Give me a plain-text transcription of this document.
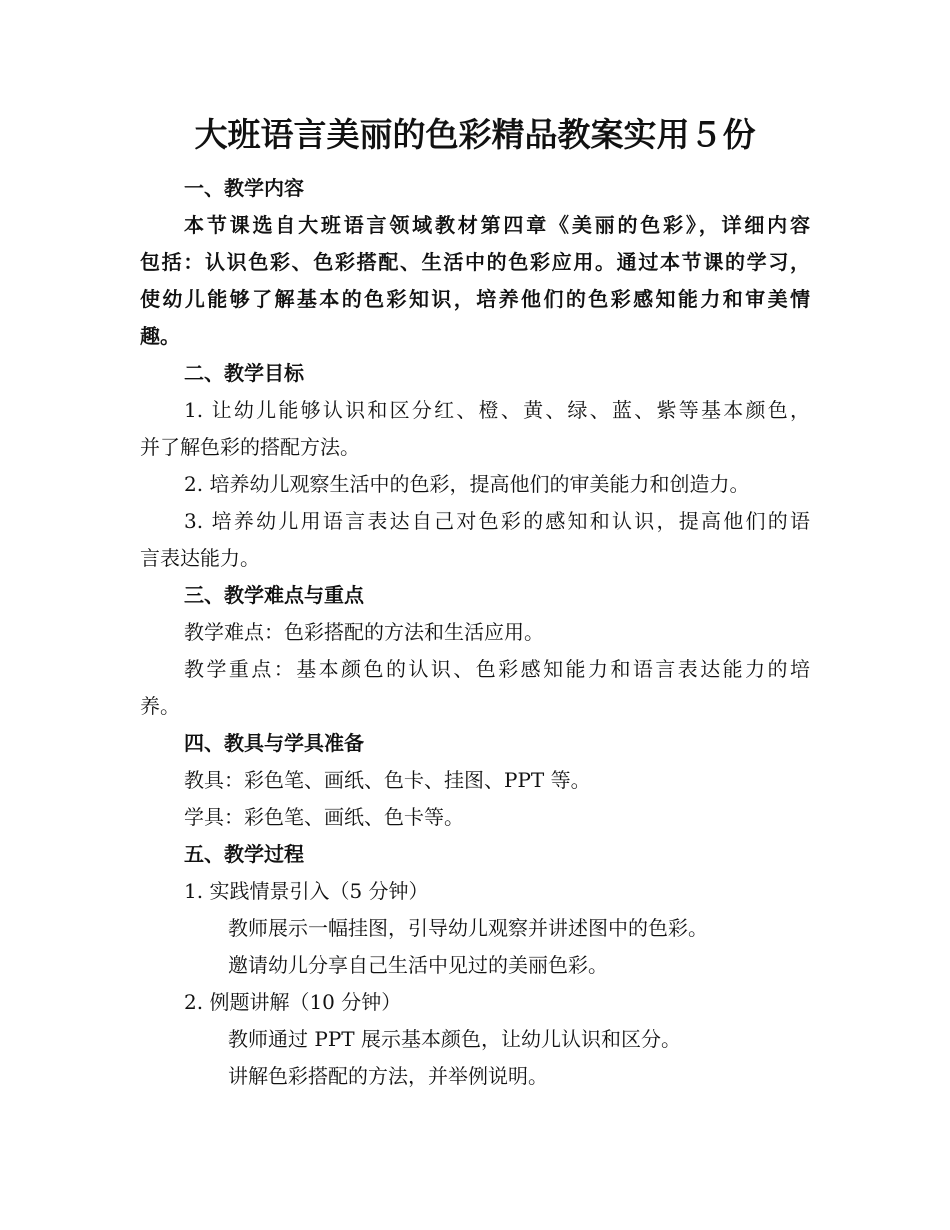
大班语言美丽的色彩精品教案实用５份

一、教学内容

本节课选自大班语言领域教材第四章《美丽的色彩》，详细内容

包括：认识色彩、色彩搭配、生活中的色彩应用。通过本节课的学习，

使幼儿能够了解基本的色彩知识，培养他们的色彩感知能力和审美情

趣。

二、教学目标

1. 让幼儿能够认识和区分红、橙、黄、绿、蓝、紫等基本颜色，

并了解色彩的搭配方法。

2. 培养幼儿观察生活中的色彩，提高他们的审美能力和创造力。

3. 培养幼儿用语言表达自己对色彩的感知和认识，提高他们的语

言表达能力。

三、教学难点与重点

教学难点：色彩搭配的方法和生活应用。

教学重点：基本颜色的认识、色彩感知能力和语言表达能力的培

养。

四、教具与学具准备

教具：彩色笔、画纸、色卡、挂图、PPT 等。

学具：彩色笔、画纸、色卡等。

五、教学过程

1. 实践情景引入（5 分钟）

教师展示一幅挂图，引导幼儿观察并讲述图中的色彩。

邀请幼儿分享自己生活中见过的美丽色彩。

2. 例题讲解（10 分钟）

教师通过 PPT 展示基本颜色，让幼儿认识和区分。

讲解色彩搭配的方法，并举例说明。
